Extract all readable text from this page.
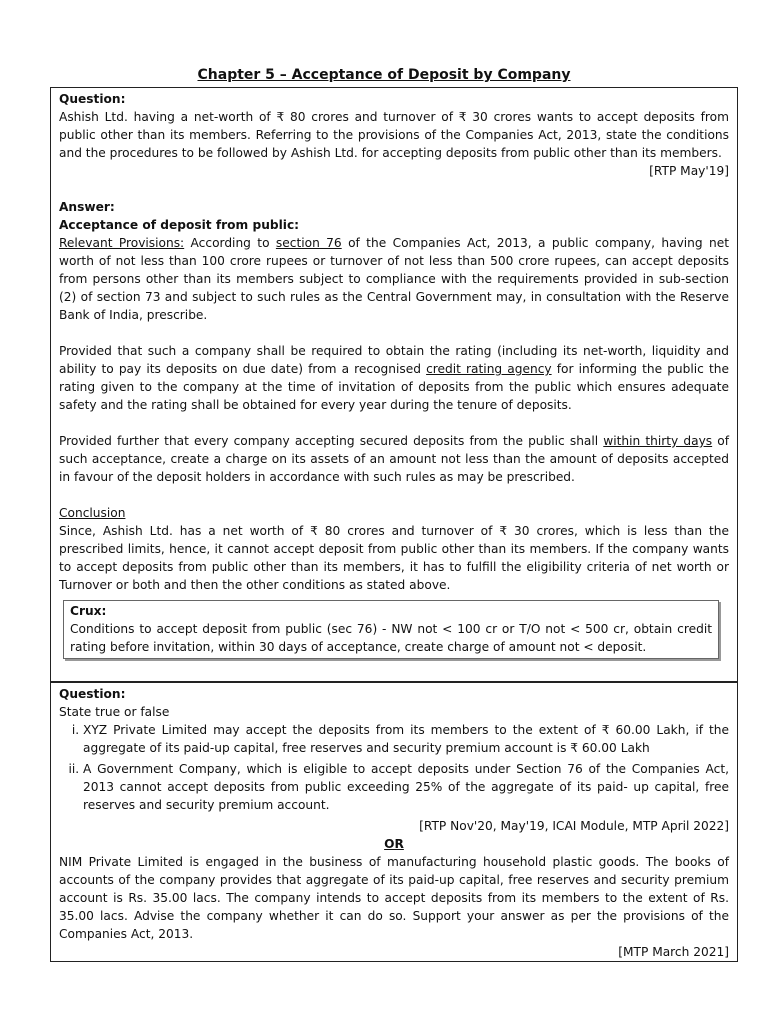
Chapter 5 – Acceptance of Deposit by Company

Question:

Ashish Ltd. having a net-worth of ₹ 80 crores and turnover of ₹ 30 crores wants to accept deposits from public other than its members. Referring to the provisions of the Companies Act, 2013, state the conditions and the procedures to be followed by Ashish Ltd. for accepting deposits from public other than its members.

[RTP May'19]

Answer:

Acceptance of deposit from public:

Relevant Provisions: According to section 76 of the Companies Act, 2013, a public company, having net worth of not less than 100 crore rupees or turnover of not less than 500 crore rupees, can accept deposits from persons other than its members subject to compliance with the requirements provided in sub-section (2) of section 73 and subject to such rules as the Central Government may, in consultation with the Reserve Bank of India, prescribe.

Provided that such a company shall be required to obtain the rating (including its net-worth, liquidity and ability to pay its deposits on due date) from a recognised credit rating agency for informing the public the rating given to the company at the time of invitation of deposits from the public which ensures adequate safety and the rating shall be obtained for every year during the tenure of deposits.

Provided further that every company accepting secured deposits from the public shall within thirty days of such acceptance, create a charge on its assets of an amount not less than the amount of deposits accepted in favour of the deposit holders in accordance with such rules as may be prescribed.

Conclusion

Since, Ashish Ltd. has a net worth of ₹ 80 crores and turnover of ₹ 30 crores, which is less than the prescribed limits, hence, it cannot accept deposit from public other than its members. If the company wants to accept deposits from public other than its members, it has to fulfill the eligibility criteria of net worth or Turnover or both and then the other conditions as stated above.

Crux:

Conditions to accept deposit from public (sec 76) - NW not < 100 cr or T/O not < 500 cr, obtain credit rating before invitation, within 30 days of acceptance, create charge of amount not < deposit.

Question:

State true or false

i. XYZ Private Limited may accept the deposits from its members to the extent of ₹ 60.00 Lakh, if the aggregate of its paid-up capital, free reserves and security premium account is ₹ 60.00 Lakh
ii. A Government Company, which is eligible to accept deposits under Section 76 of the Companies Act, 2013 cannot accept deposits from public exceeding 25% of the aggregate of its paid- up capital, free reserves and security premium account.

[RTP Nov'20, May'19, ICAI Module, MTP April 2022]

OR

NIM Private Limited is engaged in the business of manufacturing household plastic goods. The books of accounts of the company provides that aggregate of its paid-up capital, free reserves and security premium account is Rs. 35.00 lacs. The company intends to accept deposits from its members to the extent of Rs. 35.00 lacs. Advise the company whether it can do so. Support your answer as per the provisions of the Companies Act, 2013.

[MTP March 2021]
